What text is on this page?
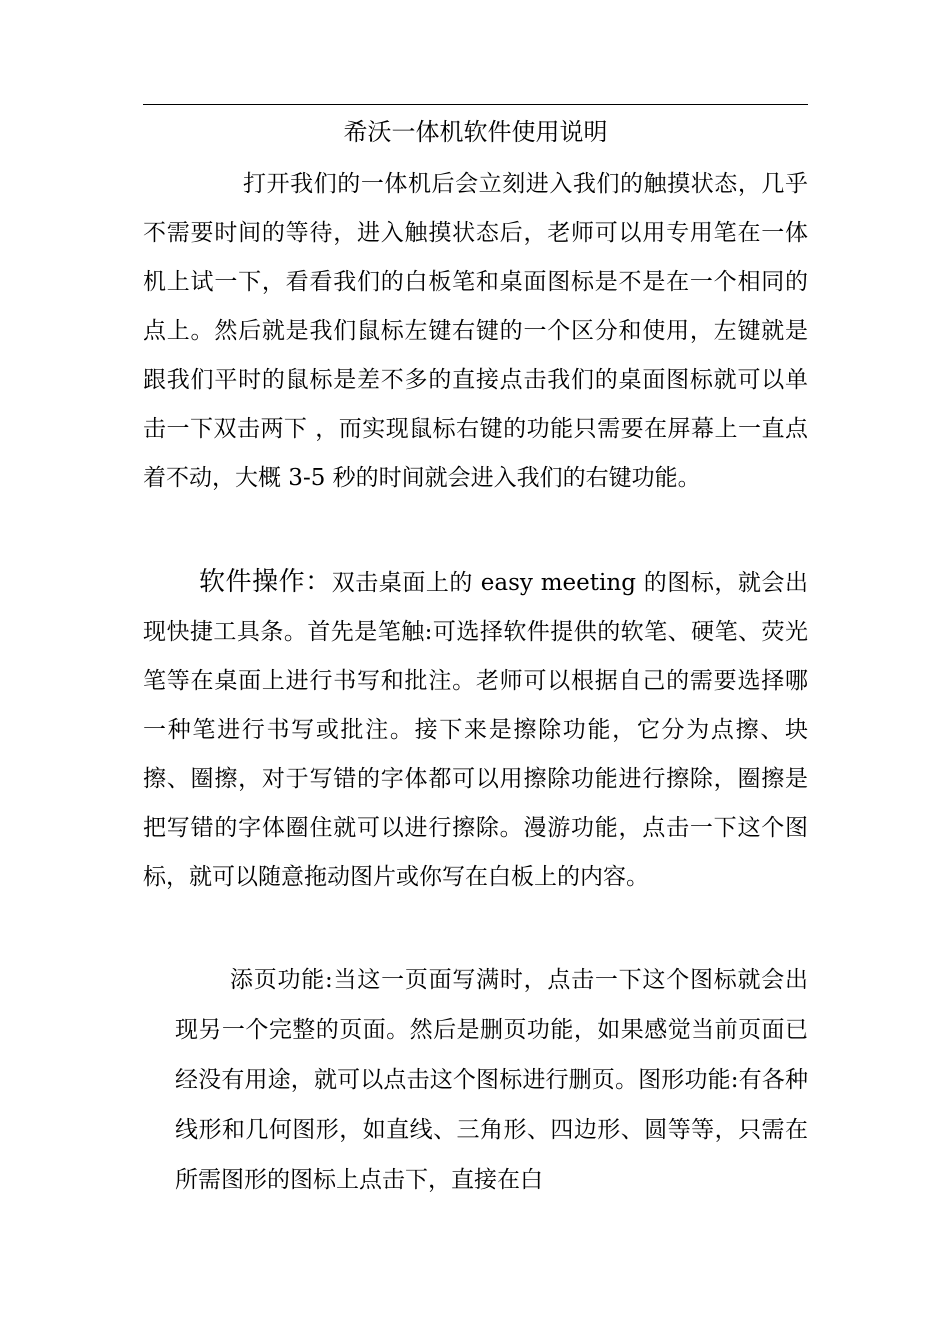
希沃一体机软件使用说明

打开我们的一体机后会立刻进入我们的触摸状态，几乎不需要时间的等待，进入触摸状态后，老师可以用专用笔在一体机上试一下，看看我们的白板笔和桌面图标是不是在一个相同的点上。然后就是我们鼠标左键右键的一个区分和使用，左键就是跟我们平时的鼠标是差不多的直接点击我们的桌面图标就可以单击一下双击两下 ，而实现鼠标右键的功能只需要在屏幕上一直点着不动，大概 3-5 秒的时间就会进入我们的右键功能。

软件操作：双击桌面上的 easy meeting 的图标，就会出现快捷工具条。首先是笔触:可选择软件提供的软笔、硬笔、荧光笔等在桌面上进行书写和批注。老师可以根据自己的需要选择哪一种笔进行书写或批注。接下来是擦除功能，它分为点擦、块擦、圈擦，对于写错的字体都可以用擦除功能进行擦除，圈擦是把写错的字体圈住就可以进行擦除。漫游功能，点击一下这个图标，就可以随意拖动图片或你写在白板上的内容。

添页功能:当这一页面写满时，点击一下这个图标就会出现另一个完整的页面。然后是删页功能，如果感觉当前页面已经没有用途，就可以点击这个图标进行删页。图形功能:有各种线形和几何图形，如直线、三角形、四边形、圆等等，只需在所需图形的图标上点击下，直接在白
